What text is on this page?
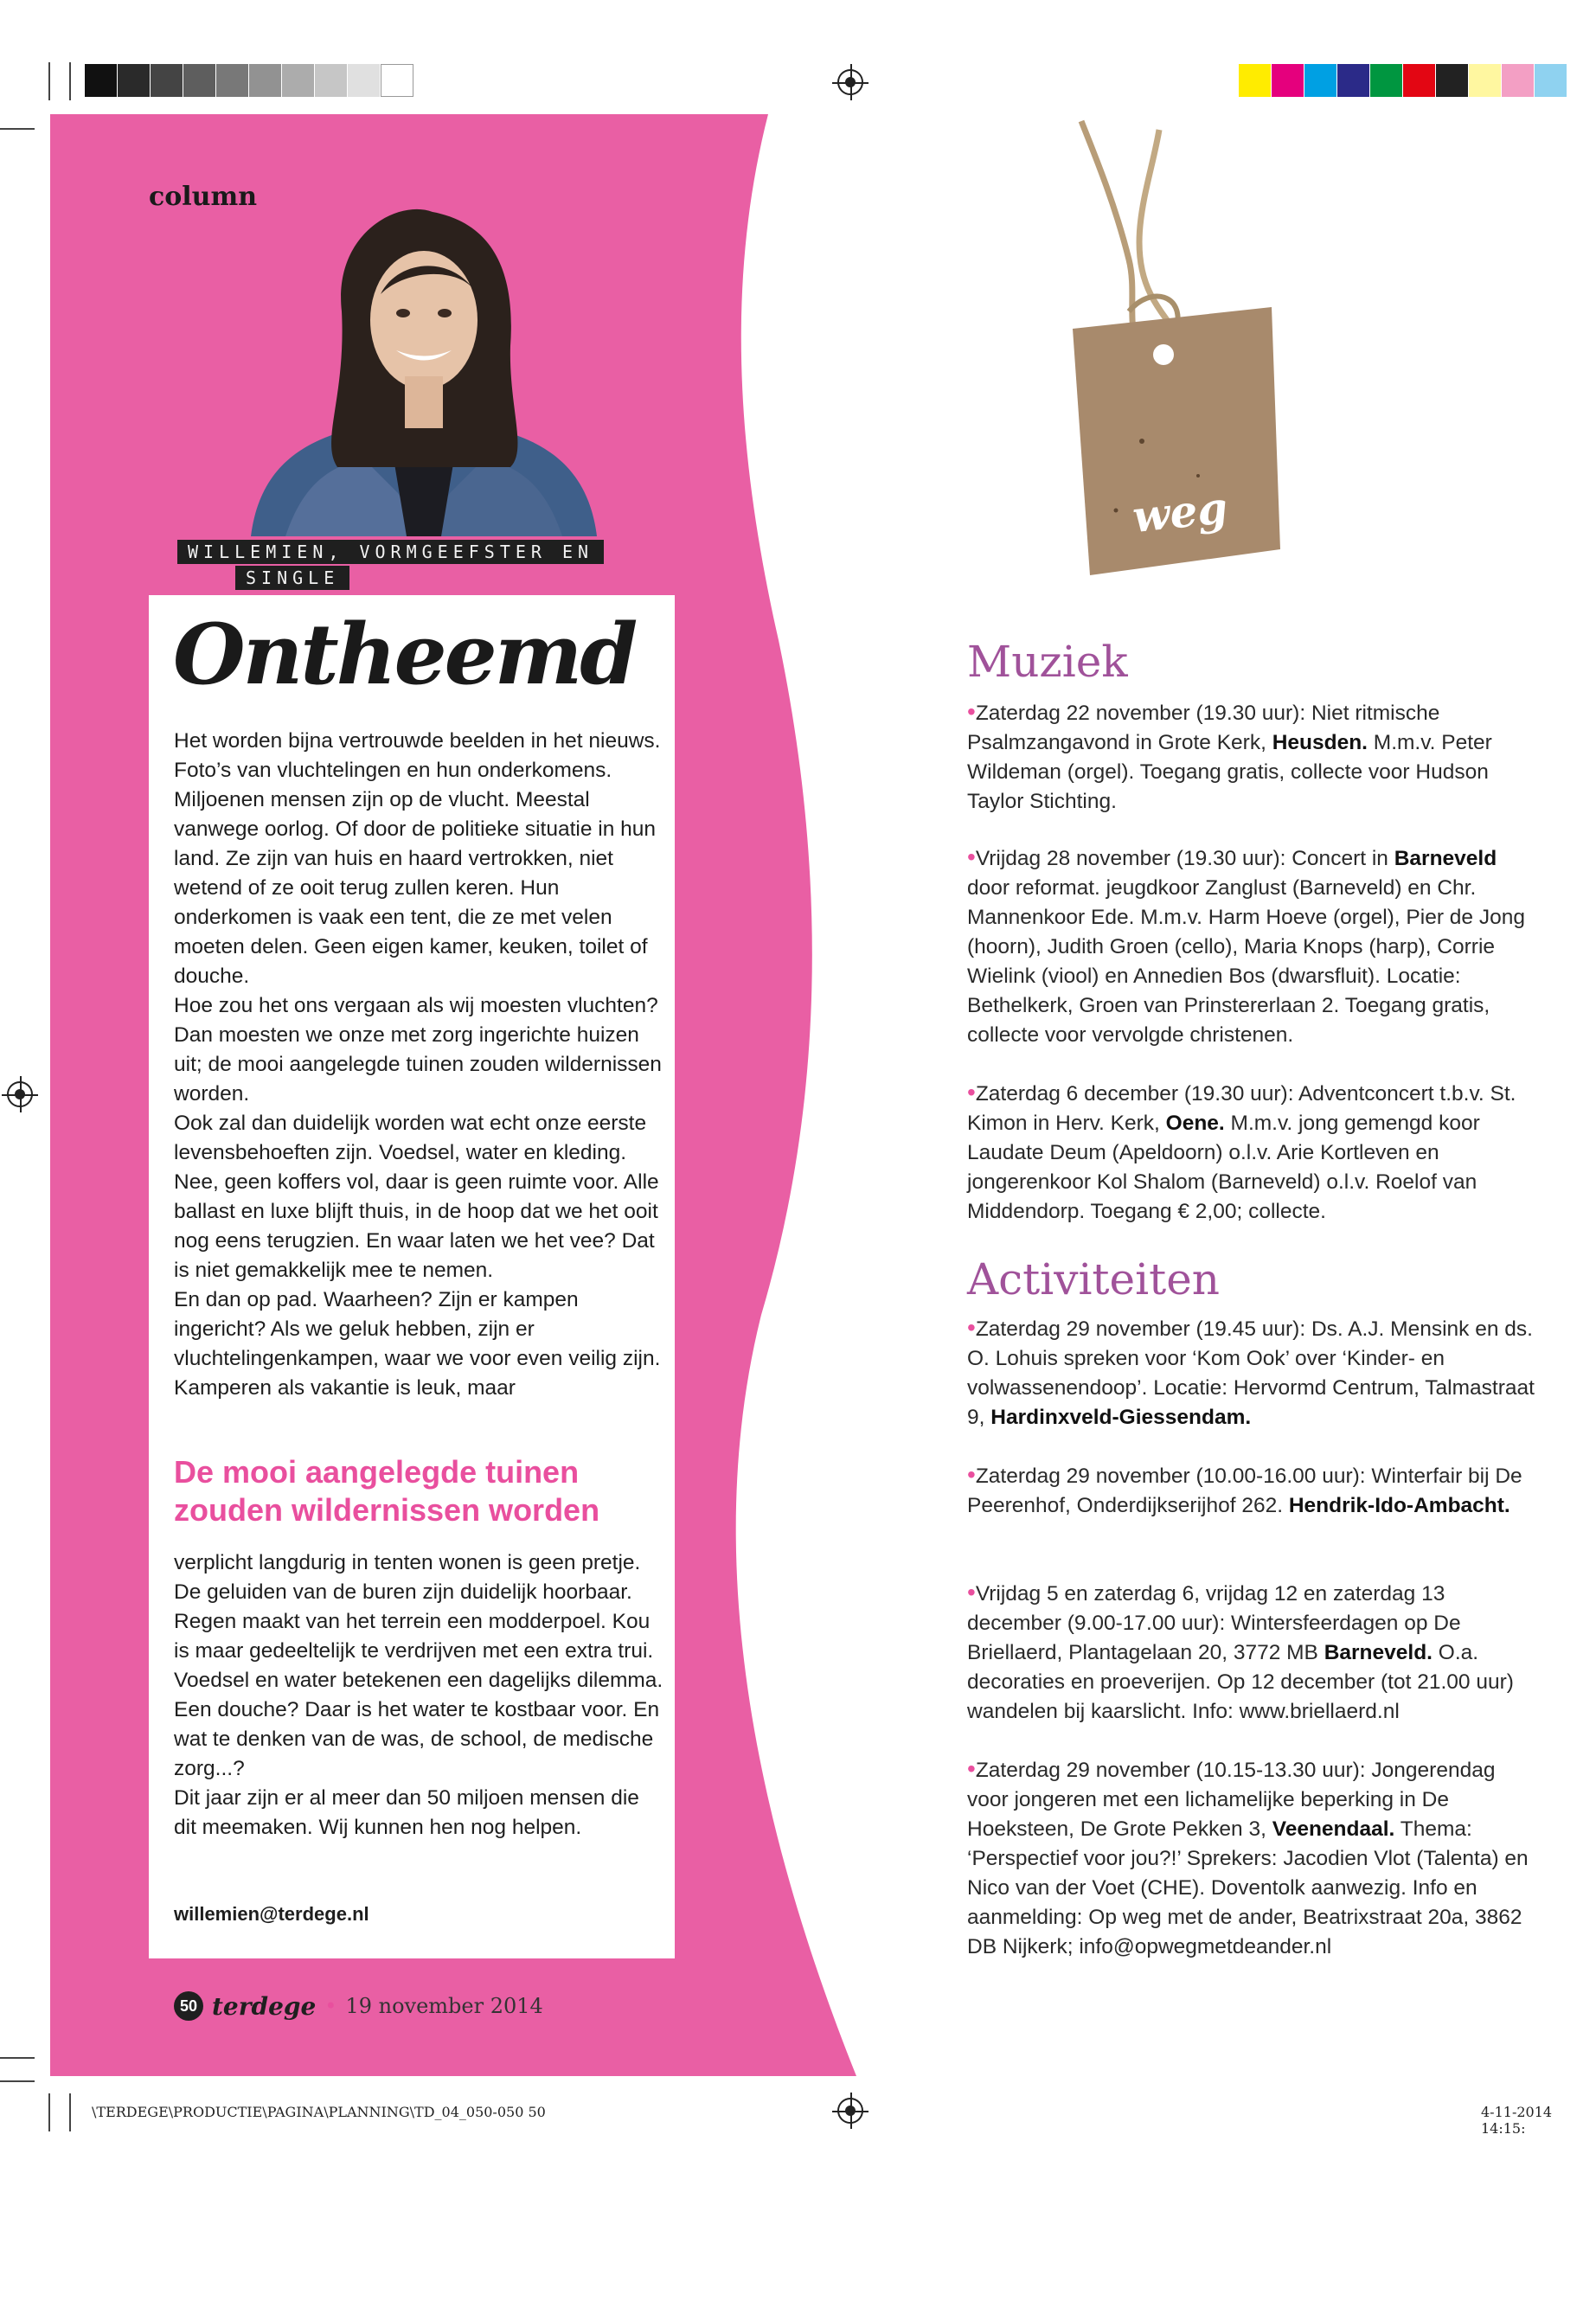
column
WILLEMIEN, VORMGEEFSTER EN
SINGLE
Ontheemd

Het worden bijna vertrouwde beelden in het nieuws. Foto’s van vluchtelingen en hun onderkomens. Miljoenen mensen zijn op de vlucht. Meestal vanwege oorlog. Of door de politieke situatie in hun land. Ze zijn van huis en haard vertrokken, niet wetend of ze ooit terug zullen keren. Hun onderkomen is vaak een tent, die ze met velen moeten delen. Geen eigen kamer, keuken, toilet of douche.

Hoe zou het ons vergaan als wij moesten vluchten? Dan moesten we onze met zorg ingerichte huizen uit; de mooi aangelegde tuinen zouden wildernissen worden.

Ook zal dan duidelijk worden wat echt onze eerste levensbehoeften zijn. Voedsel, water en kleding. Nee, geen koffers vol, daar is geen ruimte voor. Alle ballast en luxe blijft thuis, in de hoop dat we het ooit nog eens terugzien. En waar laten we het vee? Dat is niet gemakkelijk mee te nemen.

En dan op pad. Waarheen? Zijn er kampen ingericht? Als we geluk hebben, zijn er vluchtelingenkampen, waar we voor even veilig zijn. Kamperen als vakantie is leuk, maar

De mooi aangelegde tuinen zouden wildernissen worden

verplicht langdurig in tenten wonen is geen pretje. De geluiden van de buren zijn duidelijk hoorbaar. Regen maakt van het terrein een modderpoel. Kou is maar gedeeltelijk te verdrijven met een extra trui. Voedsel en water betekenen een dagelijks dilemma. Een douche? Daar is het water te kostbaar voor. En wat te denken van de was, de school, de medische zorg...?

Dit jaar zijn er al meer dan 50 miljoen mensen die dit meemaken. Wij kunnen hen nog helpen.

willemien@terdege.nl
50 terdege • 19 november 2014
weg
Muziek

•Zaterdag 22 november (19.30 uur): Niet ritmische Psalmzangavond in Grote Kerk, Heusden. M.m.v. Peter Wildeman (orgel). Toegang gratis, collecte voor Hudson Taylor Stichting.

•Vrijdag 28 november (19.30 uur): Concert in Barneveld door reformat. jeugdkoor Zanglust (Barneveld) en Chr. Mannenkoor Ede. M.m.v. Harm Hoeve (orgel), Pier de Jong (hoorn), Judith Groen (cello), Maria Knops (harp), Corrie Wielink (viool) en Annedien Bos (dwarsfluit). Locatie: Bethelkerk, Groen van Prinstererlaan 2. Toegang gratis, collecte voor vervolgde christenen.

•Zaterdag 6 december (19.30 uur): Adventconcert t.b.v. St. Kimon in Herv. Kerk, Oene. M.m.v. jong gemengd koor Laudate Deum (Apeldoorn) o.l.v. Arie Kortleven en jongerenkoor Kol Shalom (Barneveld) o.l.v. Roelof van Middendorp. Toegang € 2,00; collecte.

Activiteiten

•Zaterdag 29 november (19.45 uur): Ds. A.J. Mensink en ds. O. Lohuis spreken voor ‘Kom Ook’ over ‘Kinder- en volwassenendoop’. Locatie: Hervormd Centrum, Talmastraat 9, Hardinxveld-Giessendam.

•Zaterdag 29 november (10.00-16.00 uur): Winterfair bij De Peerenhof, Onderdijkserijhof 262. Hendrik-Ido-Ambacht.

•Vrijdag 5 en zaterdag 6, vrijdag 12 en zaterdag 13 december (9.00-17.00 uur): Wintersfeerdagen op De Briellaerd, Plantagelaan 20, 3772 MB Barneveld. O.a. decoraties en proeverijen. Op 12 december (tot 21.00 uur) wandelen bij kaarslicht. Info: www.briellaerd.nl

•Zaterdag 29 november (10.15-13.30 uur): Jongerendag voor jongeren met een lichamelijke beperking in De Hoeksteen, De Grote Pekken 3, Veenendaal. Thema: ‘Perspectief voor jou?!’ Sprekers: Jacodien Vlot (Talenta) en Nico van der Voet (CHE). Doventolk aanwezig. Info en aanmelding: Op weg met de ander, Beatrixstraat 20a, 3862 DB Nijkerk; info@opwegmetdeander.nl

\TERDEGE\PRODUCTIE\PAGINA\PLANNING\TD_04_050-050 50	4-11-2014 14:15:
